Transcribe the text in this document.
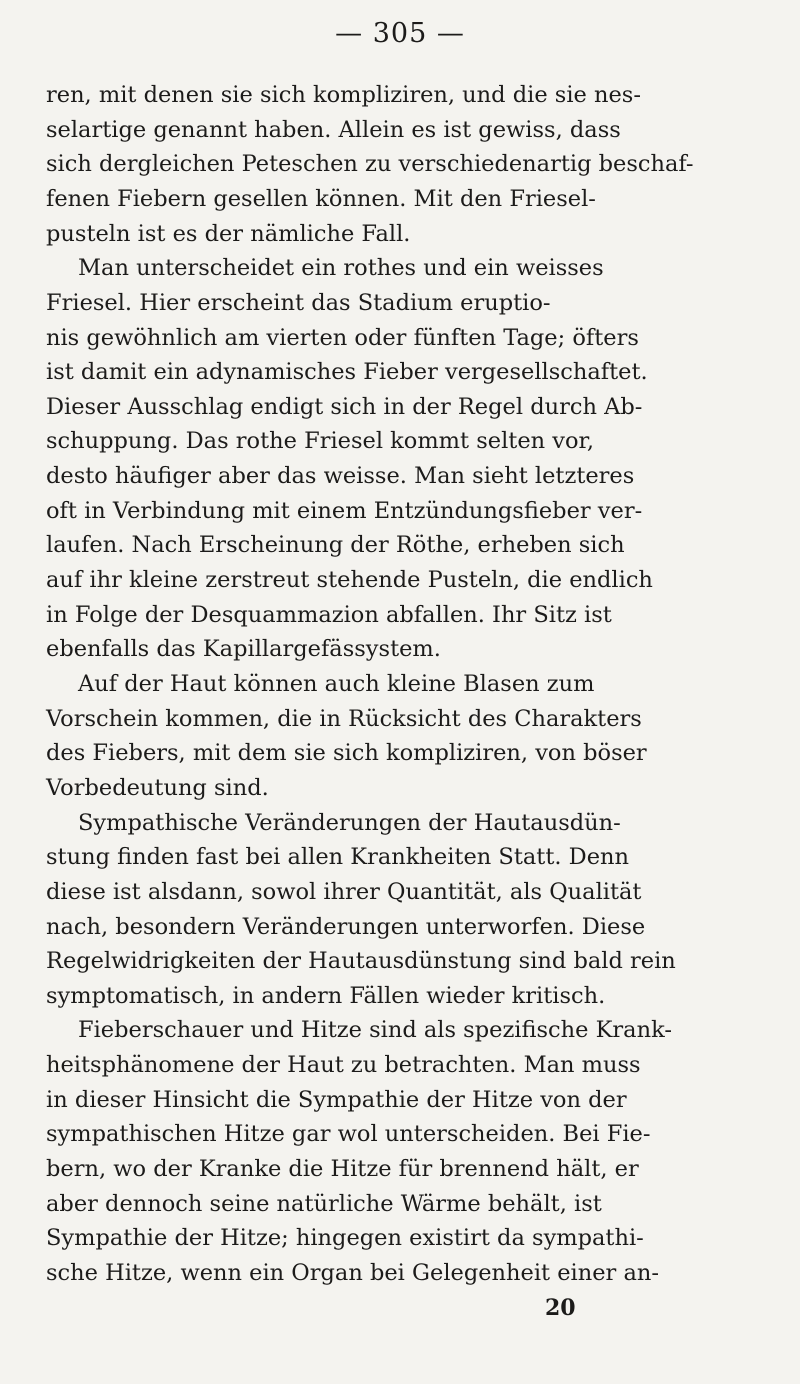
— 305 —
ren, mit denen sie sich kompliziren, und die sie nes-
selartige genannt haben. Allein es ist gewiss, dass
sich dergleichen Peteschen zu verschiedenartig beschaf-
fenen Fiebern gesellen können. Mit den Friesel-
pusteln ist es der nämliche Fall.
Man unterscheidet ein rothes und ein weisses
Friesel. Hier erscheint das Stadium eruptio-
nis gewöhnlich am vierten oder fünften Tage; öfters
ist damit ein adynamisches Fieber vergesellschaftet.
Dieser Ausschlag endigt sich in der Regel durch Ab-
schuppung. Das rothe Friesel kommt selten vor,
desto häufiger aber das weisse. Man sieht letzteres
oft in Verbindung mit einem Entzündungsfieber ver-
laufen. Nach Erscheinung der Röthe, erheben sich
auf ihr kleine zerstreut stehende Pusteln, die endlich
in Folge der Desquammazion abfallen. Ihr Sitz ist
ebenfalls das Kapillargefässystem.
Auf der Haut können auch kleine Blasen zum
Vorschein kommen, die in Rücksicht des Charakters
des Fiebers, mit dem sie sich kompliziren, von böser
Vorbedeutung sind.
Sympathische Veränderungen der Hautausdün-
stung finden fast bei allen Krankheiten Statt. Denn
diese ist alsdann, sowol ihrer Quantität, als Qualität
nach, besondern Veränderungen unterworfen. Diese
Regelwidrigkeiten der Hautausdünstung sind bald rein
symptomatisch, in andern Fällen wieder kritisch.
Fieberschauer und Hitze sind als spezifische Krank-
heitsphänomene der Haut zu betrachten. Man muss
in dieser Hinsicht die Sympathie der Hitze von der
sympathischen Hitze gar wol unterscheiden. Bei Fie-
bern, wo der Kranke die Hitze für brennend hält, er
aber dennoch seine natürliche Wärme behält, ist
Sympathie der Hitze; hingegen existirt da sympathi-
sche Hitze, wenn ein Organ bei Gelegenheit einer an-
20
